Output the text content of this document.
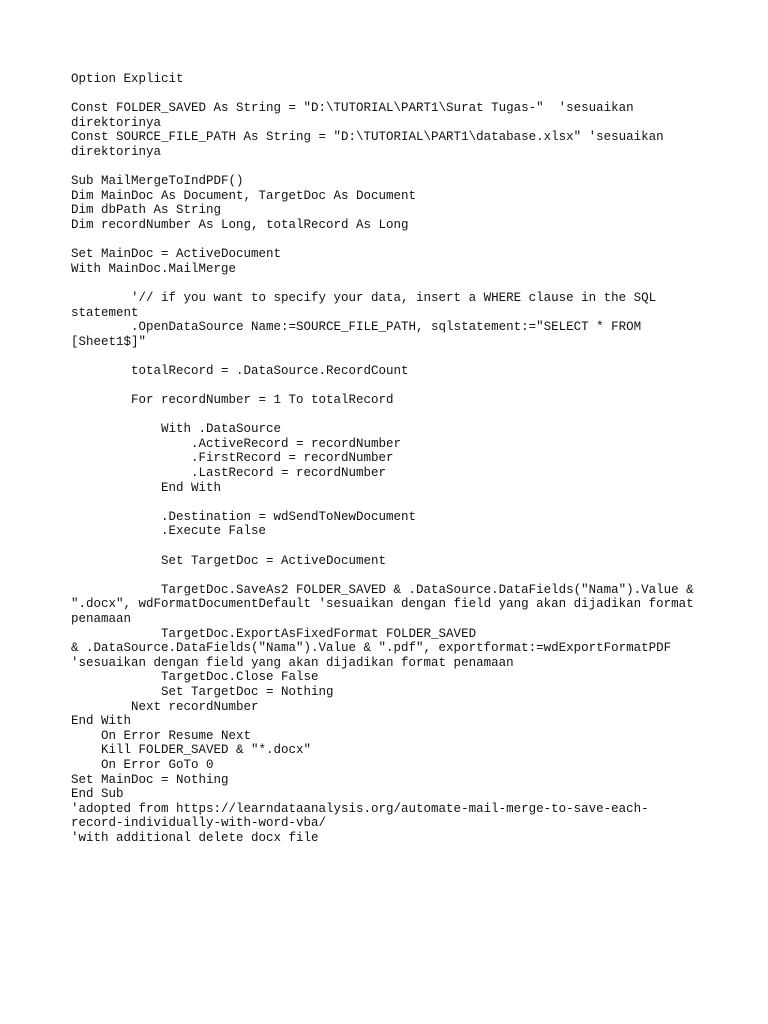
Option Explicit
Const FOLDER_SAVED As String = "D:\TUTORIAL\PART1\Surat Tugas-"  'sesuaikan
direktorinya
Const SOURCE_FILE_PATH As String = "D:\TUTORIAL\PART1\database.xlsx" 'sesuaikan
direktorinya
Sub MailMergeToIndPDF()
Dim MainDoc As Document, TargetDoc As Document
Dim dbPath As String
Dim recordNumber As Long, totalRecord As Long
Set MainDoc = ActiveDocument
With MainDoc.MailMerge
'// if you want to specify your data, insert a WHERE clause in the SQL
statement
.OpenDataSource Name:=SOURCE_FILE_PATH, sqlstatement:="SELECT * FROM
[Sheet1$]"
totalRecord = .DataSource.RecordCount
For recordNumber = 1 To totalRecord
With .DataSource
.ActiveRecord = recordNumber
.FirstRecord = recordNumber
.LastRecord = recordNumber
End With
.Destination = wdSendToNewDocument
.Execute False
Set TargetDoc = ActiveDocument
TargetDoc.SaveAs2 FOLDER_SAVED & .DataSource.DataFields("Nama").Value &
".docx", wdFormatDocumentDefault 'sesuaikan dengan field yang akan dijadikan format
penamaan
TargetDoc.ExportAsFixedFormat FOLDER_SAVED
& .DataSource.DataFields("Nama").Value & ".pdf", exportformat:=wdExportFormatPDF
'sesuaikan dengan field yang akan dijadikan format penamaan
TargetDoc.Close False
Set TargetDoc = Nothing
Next recordNumber
End With
On Error Resume Next
Kill FOLDER_SAVED & "*.docx"
On Error GoTo 0
Set MainDoc = Nothing
End Sub
'adopted from https://learndataanalysis.org/automate-mail-merge-to-save-each-
record-individually-with-word-vba/
'with additional delete docx file
